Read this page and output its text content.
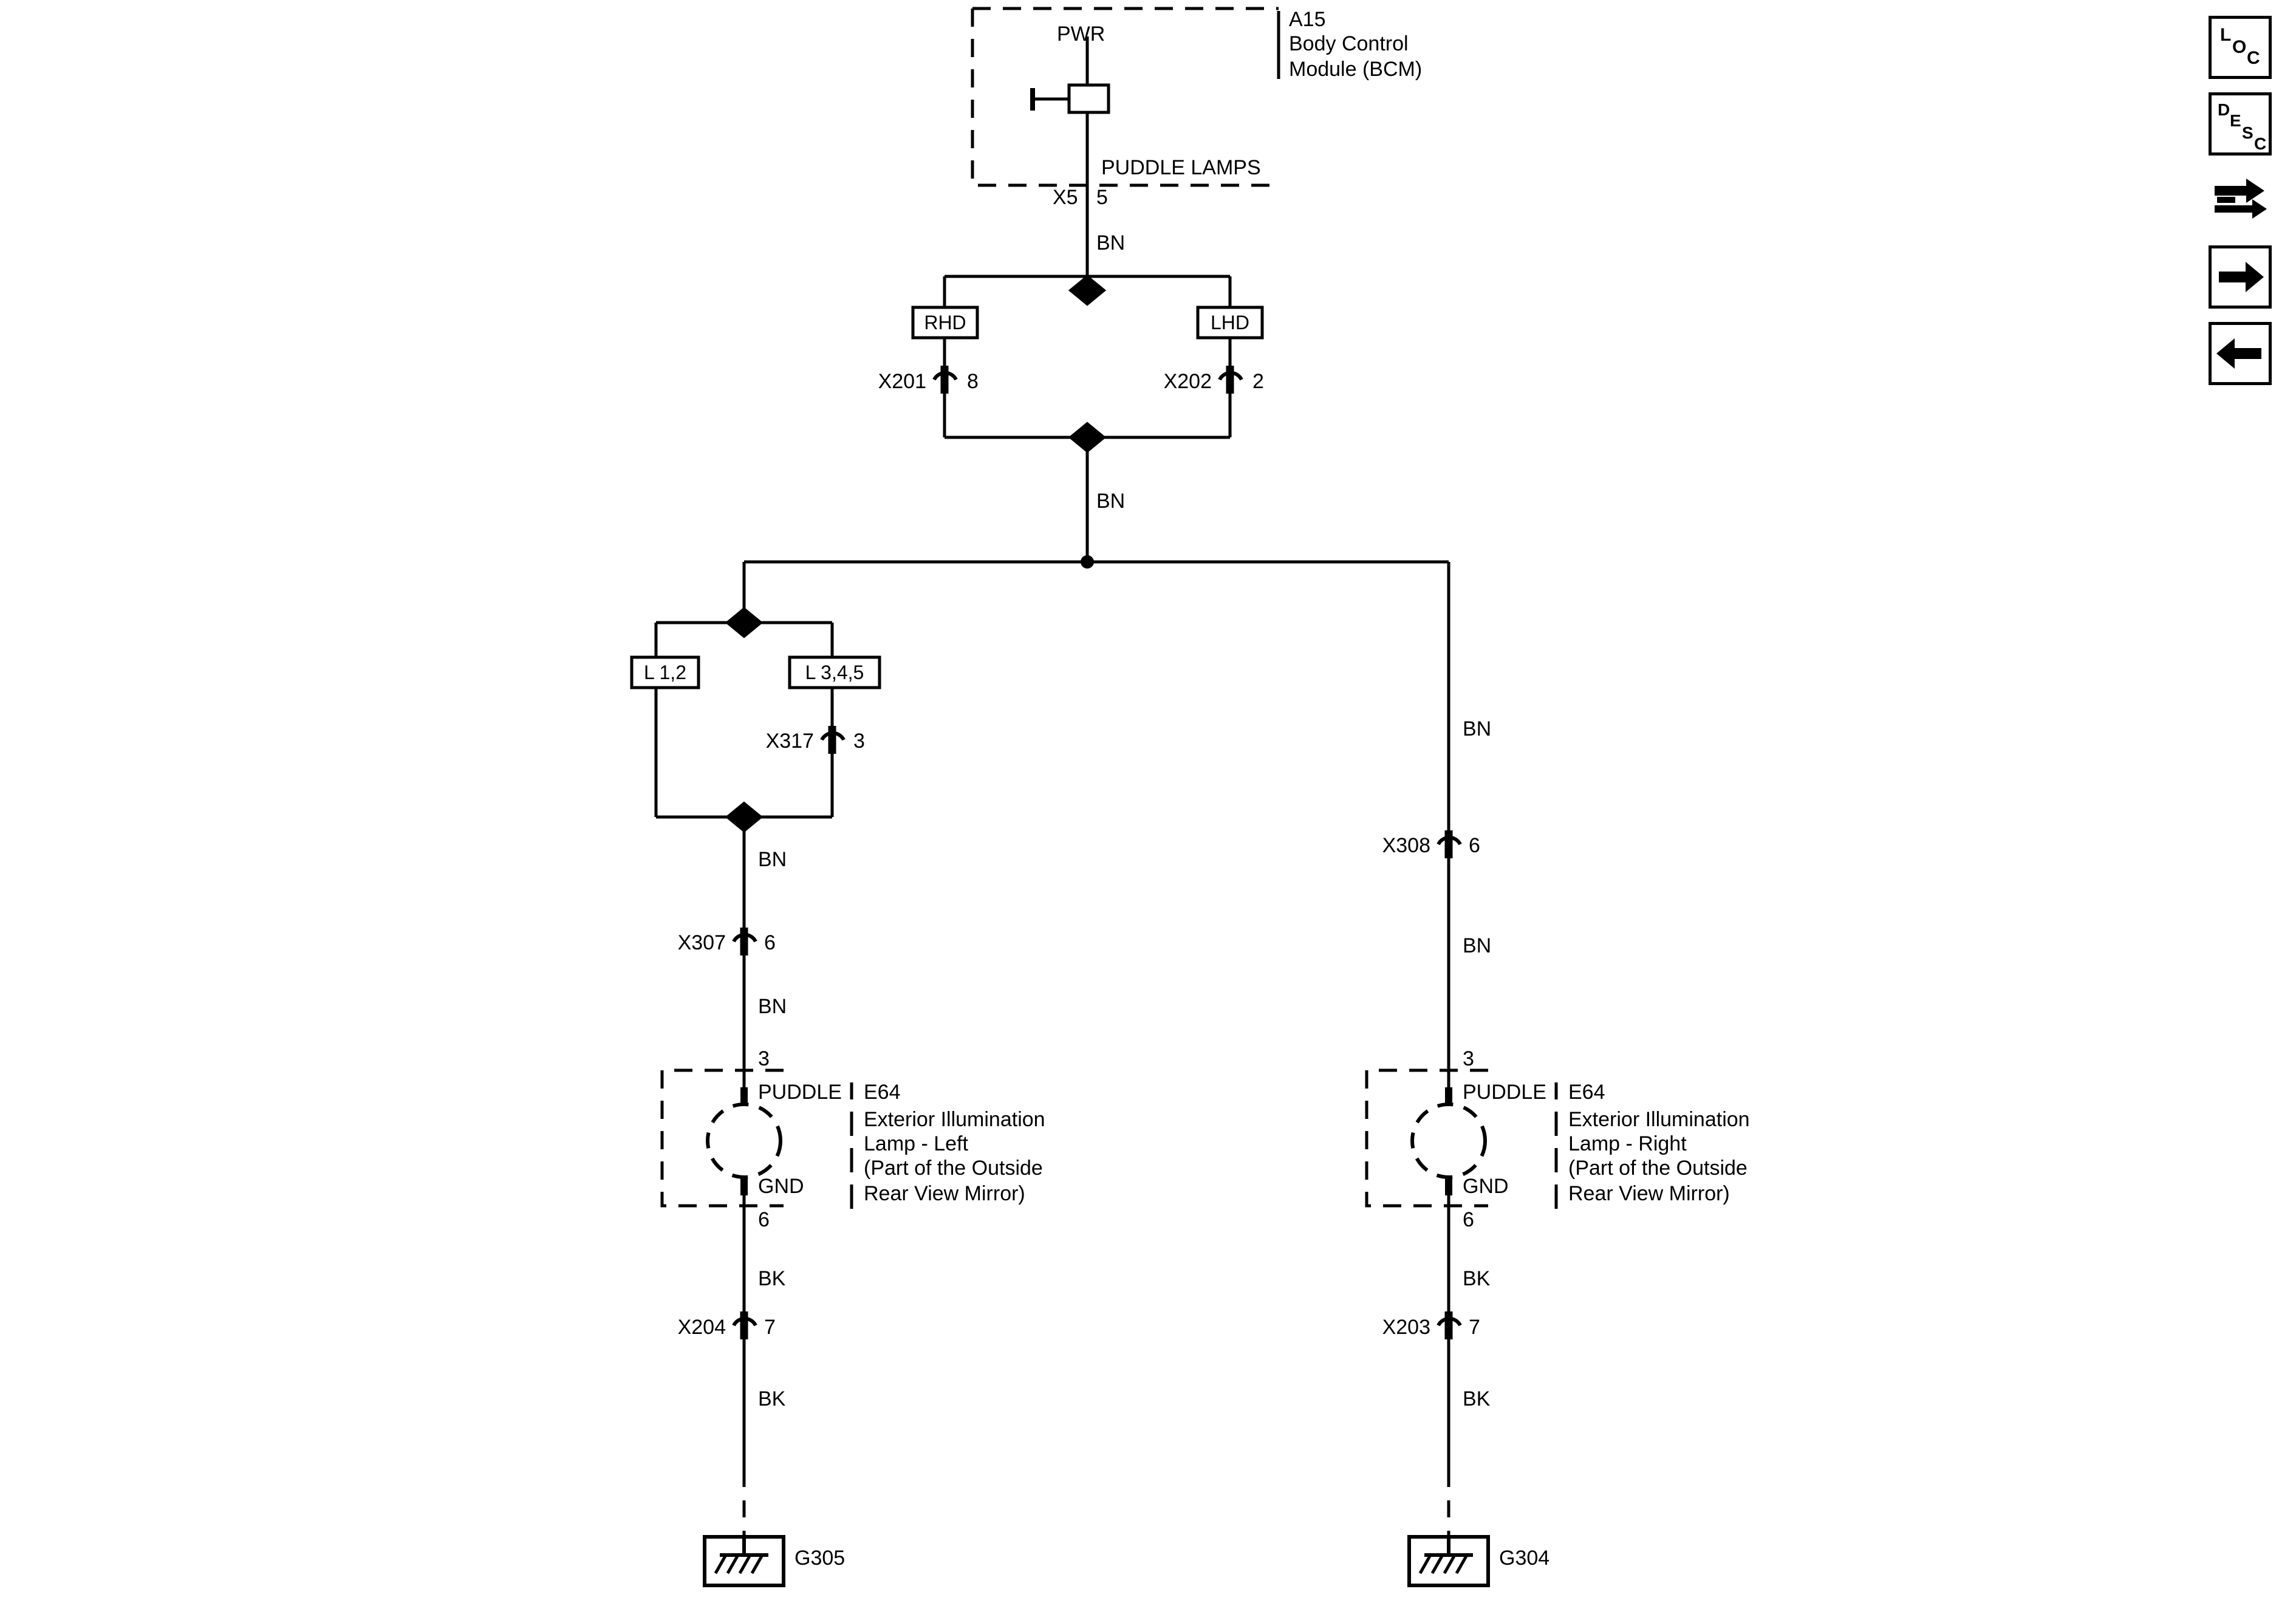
PWR
A15
Body Control
Module (BCM)
PUDDLE LAMPS
X5 5
BN
BN
RHD	LHD
L 1,2	L 3,4,5
X201 8	X202 2
X317 3
BN
X307 6
BN
3
PUDDLE
GND
6
E64
Exterior Illumination
Lamp - Left
(Part of the Outside
Rear View Mirror)
BK
X204 7
BK
G305
BN
X308 6
BN
3
PUDDLE
GND
6
E64
Exterior Illumination
Lamp - Right
(Part of the Outside
Rear View Mirror)
BK
X203 7
BK
G304
L
O
C
D
E
S
C
